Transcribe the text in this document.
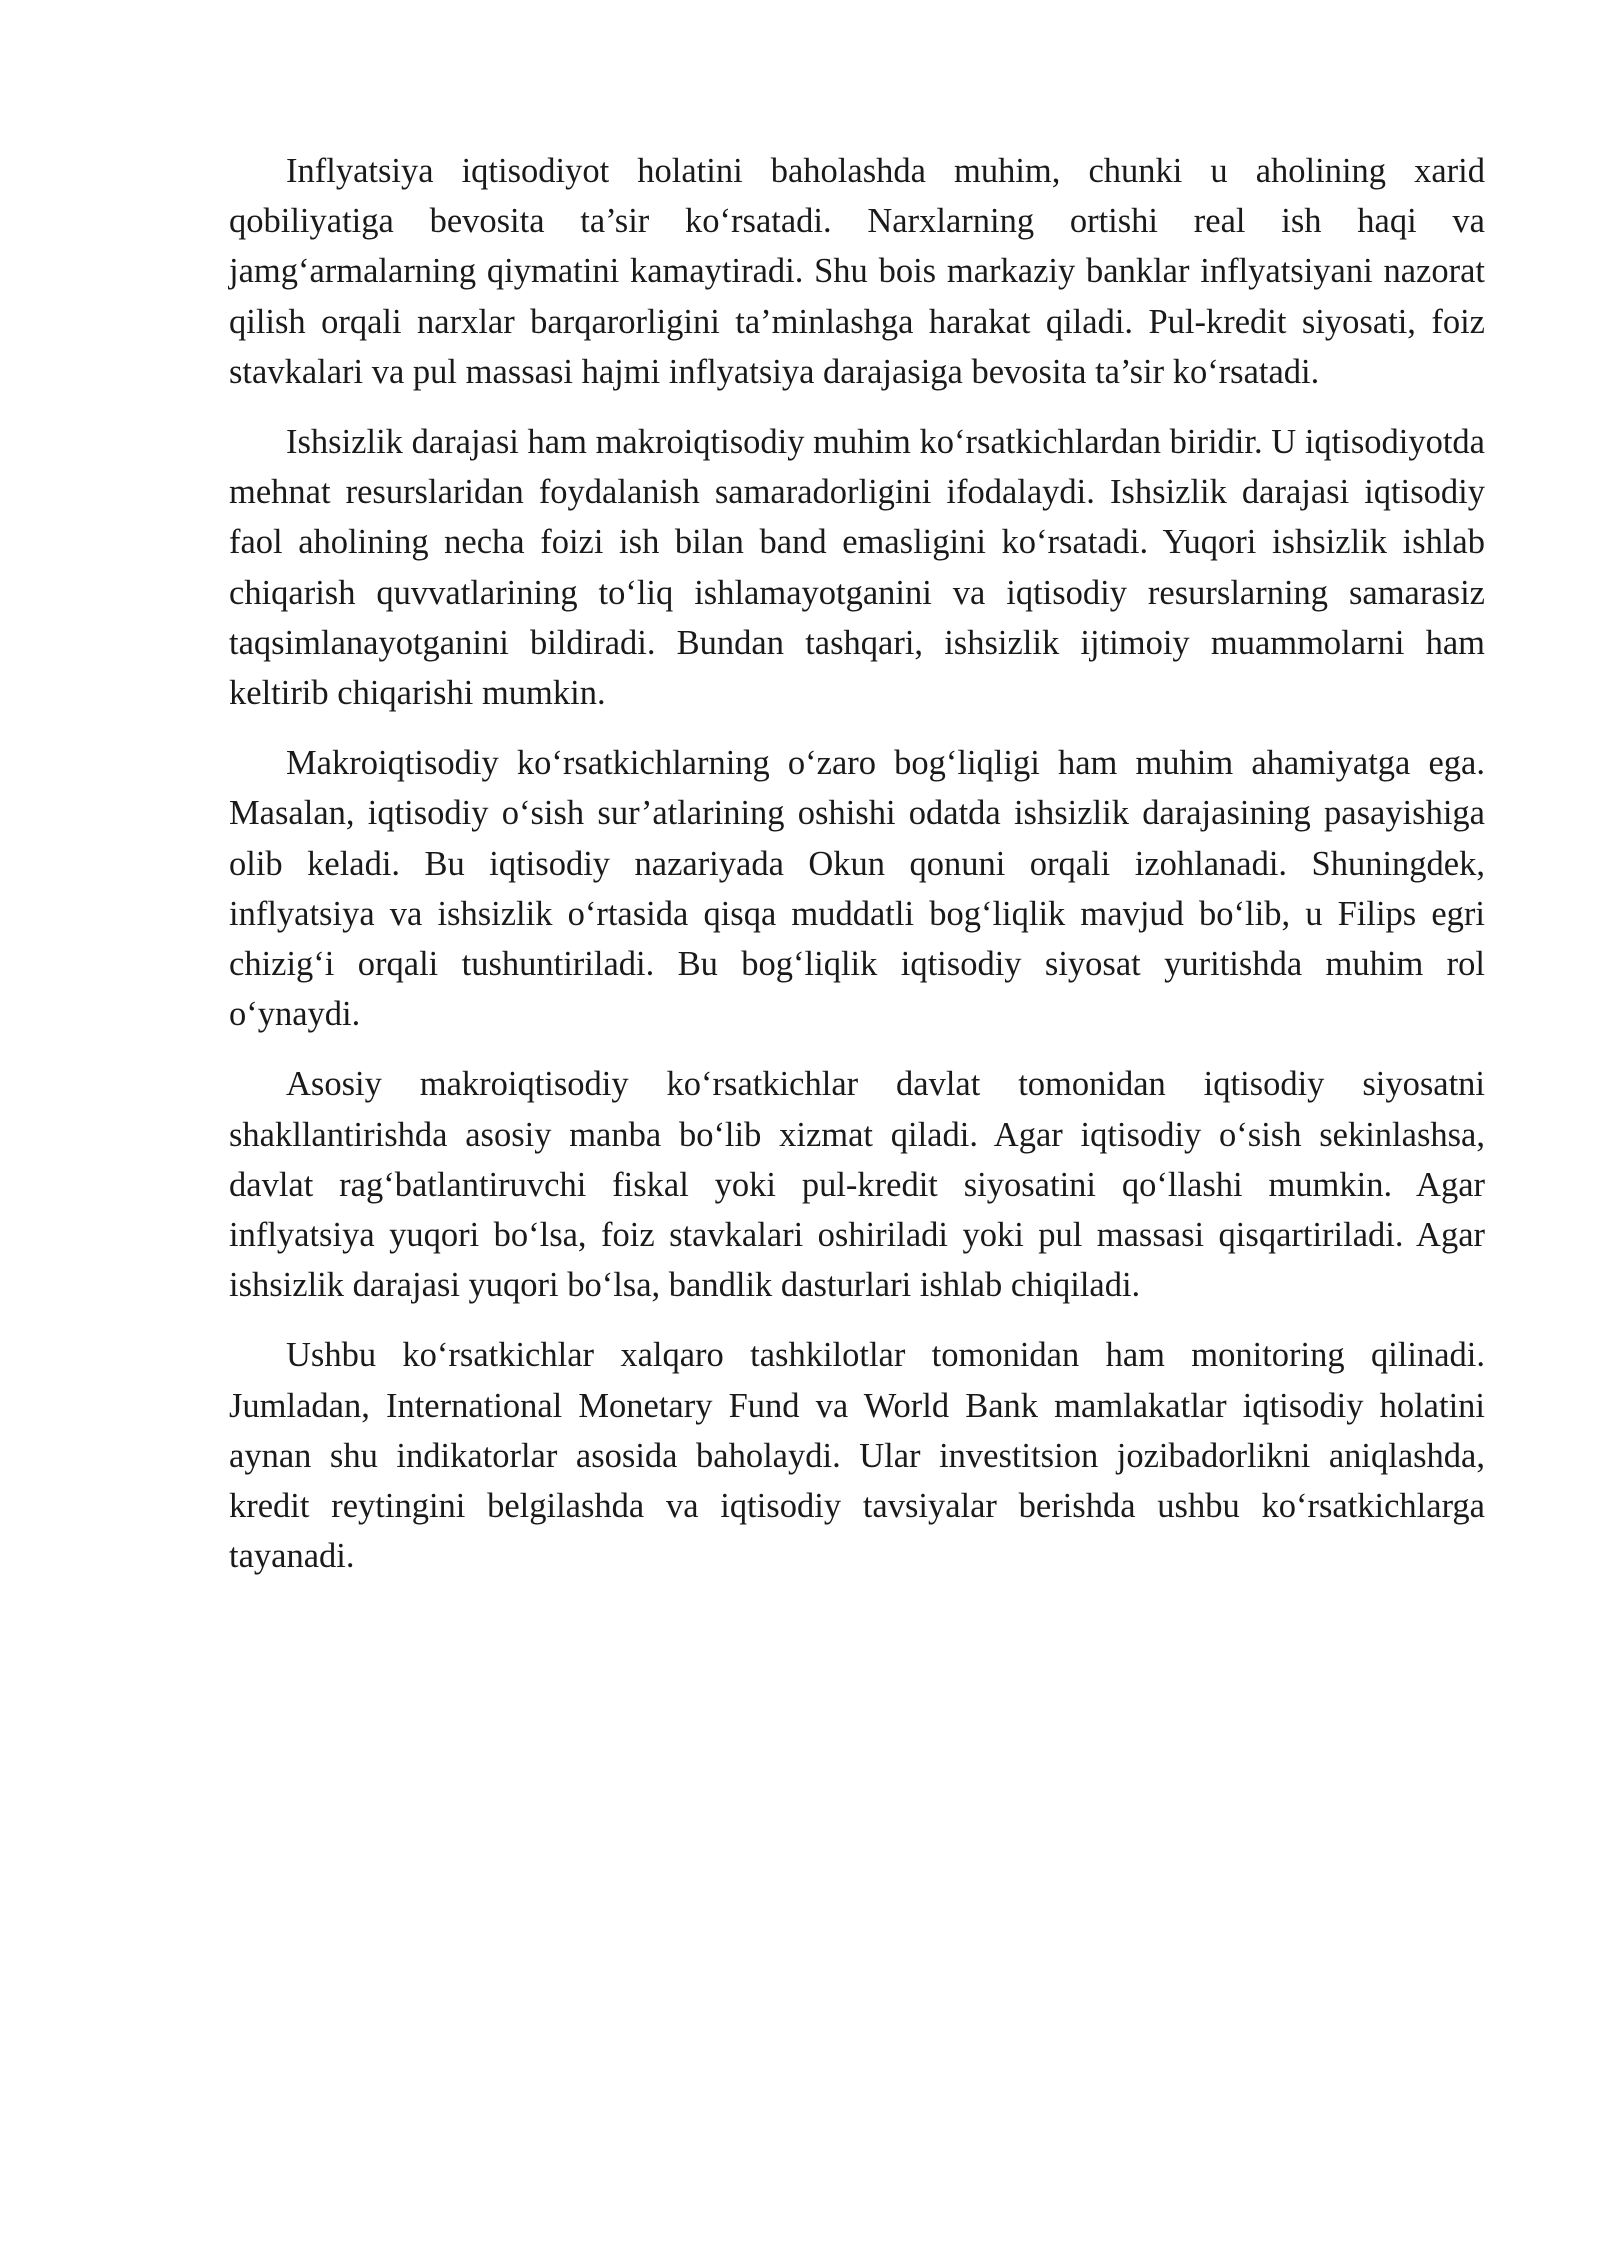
Inflyatsiya iqtisodiyot holatini baholashda muhim, chunki u aholining xarid qobiliyatiga bevosita ta’sir ko‘rsatadi. Narxlarning ortishi real ish haqi va jamg‘armalarning qiymatini kamaytiradi. Shu bois markaziy banklar inflyatsiyani nazorat qilish orqali narxlar barqarorligini ta’minlashga harakat qiladi. Pul-kredit siyosati, foiz stavkalari va pul massasi hajmi inflyatsiya darajasiga bevosita ta’sir ko‘rsatadi.

Ishsizlik darajasi ham makroiqtisodiy muhim ko‘rsatkichlardan biridir. U iqtisodiyotda mehnat resurslaridan foydalanish samaradorligini ifodalaydi. Ishsizlik darajasi iqtisodiy faol aholining necha foizi ish bilan band emasligini ko‘rsatadi. Yuqori ishsizlik ishlab chiqarish quvvatlarining to‘liq ishlamayotganini va iqtisodiy resurslarning samarasiz taqsimlanayotganini bildiradi. Bundan tashqari, ishsizlik ijtimoiy muammolarni ham keltirib chiqarishi mumkin.

Makroiqtisodiy ko‘rsatkichlarning o‘zaro bog‘liqligi ham muhim ahamiyatga ega. Masalan, iqtisodiy o‘sish sur’atlarining oshishi odatda ishsizlik darajasining pasayishiga olib keladi. Bu iqtisodiy nazariyada Okun qonuni orqali izohlanadi. Shuningdek, inflyatsiya va ishsizlik o‘rtasida qisqa muddatli bog‘liqlik mavjud bo‘lib, u Filips egri chizig‘i orqali tushuntiriladi. Bu bog‘liqlik iqtisodiy siyosat yuritishda muhim rol o‘ynaydi.

Asosiy makroiqtisodiy ko‘rsatkichlar davlat tomonidan iqtisodiy siyosatni shakllantirishda asosiy manba bo‘lib xizmat qiladi. Agar iqtisodiy o‘sish sekinlashsa, davlat rag‘batlantiruvchi fiskal yoki pul-kredit siyosatini qo‘llashi mumkin. Agar inflyatsiya yuqori bo‘lsa, foiz stavkalari oshiriladi yoki pul massasi qisqartiriladi. Agar ishsizlik darajasi yuqori bo‘lsa, bandlik dasturlari ishlab chiqiladi.

Ushbu ko‘rsatkichlar xalqaro tashkilotlar tomonidan ham monitoring qilinadi. Jumladan, International Monetary Fund va World Bank mamlakatlar iqtisodiy holatini aynan shu indikatorlar asosida baholaydi. Ular investitsion jozibadorlikni aniqlashda, kredit reytingini belgilashda va iqtisodiy tavsiyalar berishda ushbu ko‘rsatkichlarga tayanadi.
